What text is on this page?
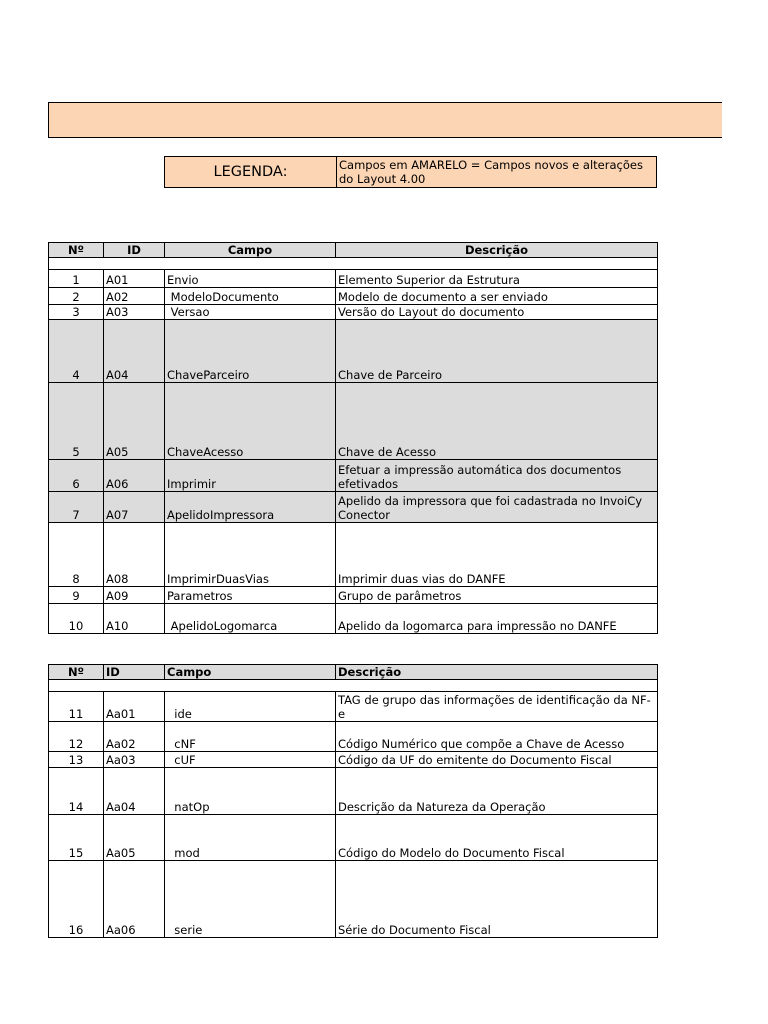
LEGENDA:	Campos em AMARELO = Campos novos e alterações do Layout 4.00
Nº	ID	Campo	Descrição

1	A01	Envio	Elemento Superior da Estrutura
2	A02	ModeloDocumento	Modelo de documento a ser enviado
3	A03	Versao	Versão do Layout do documento
4	A04	ChaveParceiro	Chave de Parceiro
5	A05	ChaveAcesso	Chave de Acesso
6	A06	Imprimir	Efetuar a impressão automática dos documentos efetivados
7	A07	ApelidoImpressora	Apelido da impressora que foi cadastrada no InvoiCy Conector
8	A08	ImprimirDuasVias	Imprimir duas vias do DANFE
9	A09	Parametros	Grupo de parâmetros
10	A10	ApelidoLogomarca	Apelido da logomarca para impressão no DANFE
Nº	ID	Campo	Descrição

11	Aa01	ide	TAG de grupo das informações de identificação da NF-e
12	Aa02	cNF	Código Numérico que compõe a Chave de Acesso
13	Aa03	cUF	Código da UF do emitente do Documento Fiscal
14	Aa04	natOp	Descrição da Natureza da Operação
15	Aa05	mod	Código do Modelo do Documento Fiscal
16	Aa06	serie	Série do Documento Fiscal
